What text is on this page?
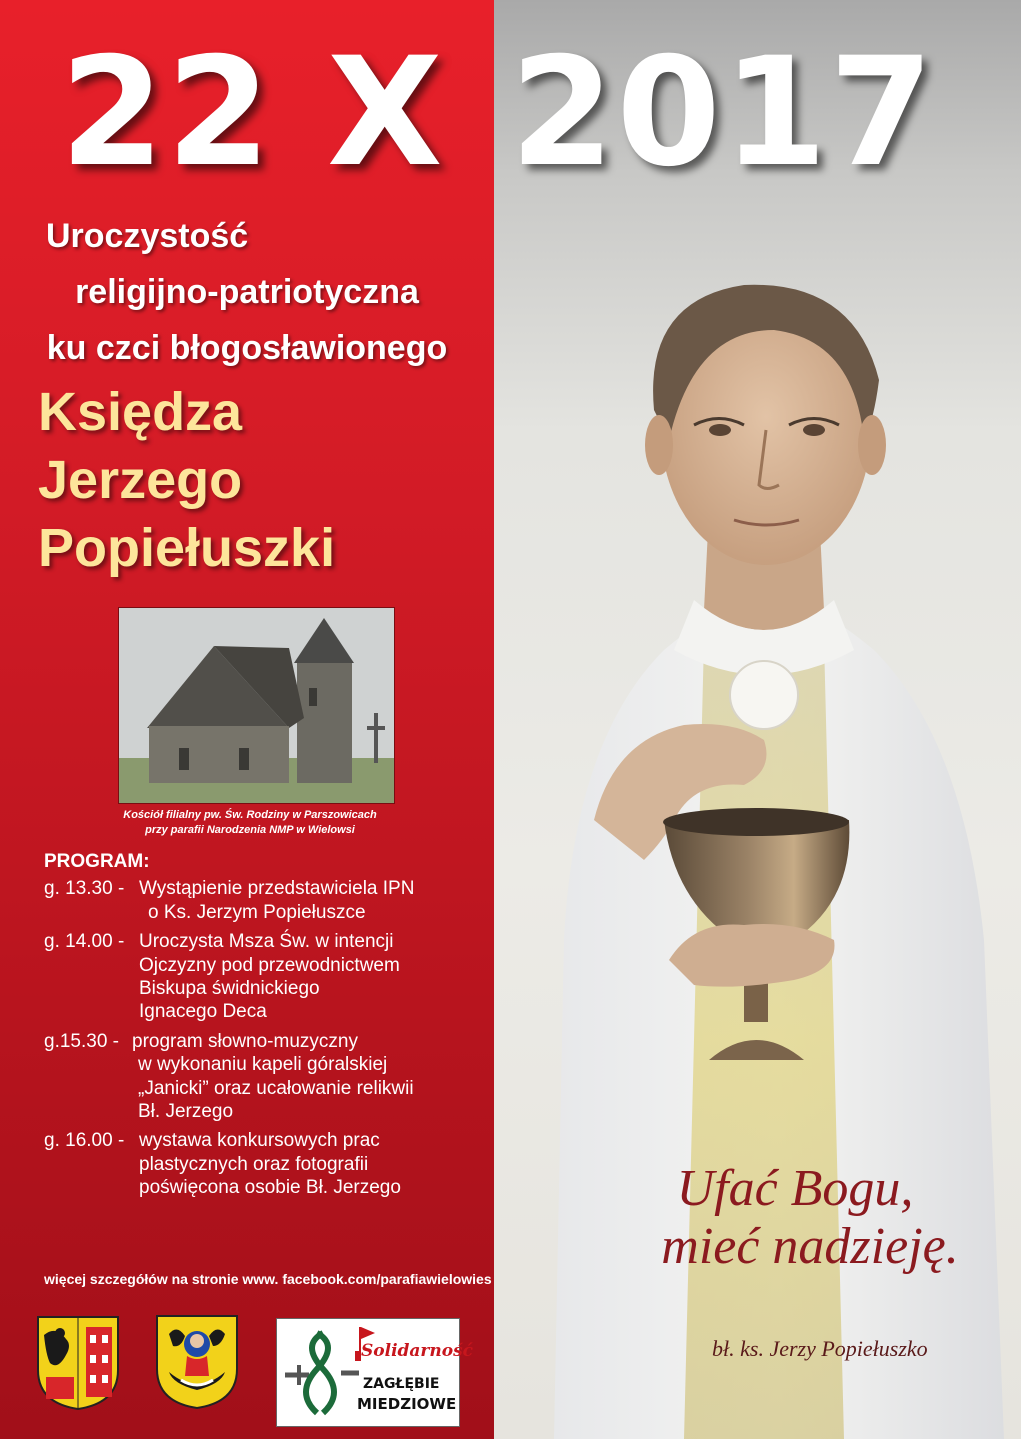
22 X 2017
Uroczystość
religijno-patriotyczna
ku czci błogosławionego
Księdza
Jerzego
Popiełuszki
Kościół filialny pw. Św. Rodziny w Parszowicach
przy parafii Narodzenia NMP w Wielowsi
PROGRAM:
g. 13.30 - Wystąpienie przedstawiciela IPN
o Ks. Jerzym Popiełuszce
g. 14.00 - Uroczysta Msza Św. w intencji
Ojczyzny pod przewodnictwem
Biskupa świdnickiego
Ignacego Deca
g.15.30 - program słowno-muzyczny
w wykonaniu kapeli góralskiej
„Janicki” oraz ucałowanie relikwii
Bł. Jerzego
g. 16.00 - wystawa konkursowych prac
plastycznych oraz fotografii
poświęcona osobie Bł. Jerzego
więcej szczegółów na stronie www. facebook.com/parafiawielowies
Solidarność
ZAGŁĘBIE
MIEDZIOWE
Ufać Bogu,
mieć nadzieję.
bł. ks. Jerzy Popiełuszko
